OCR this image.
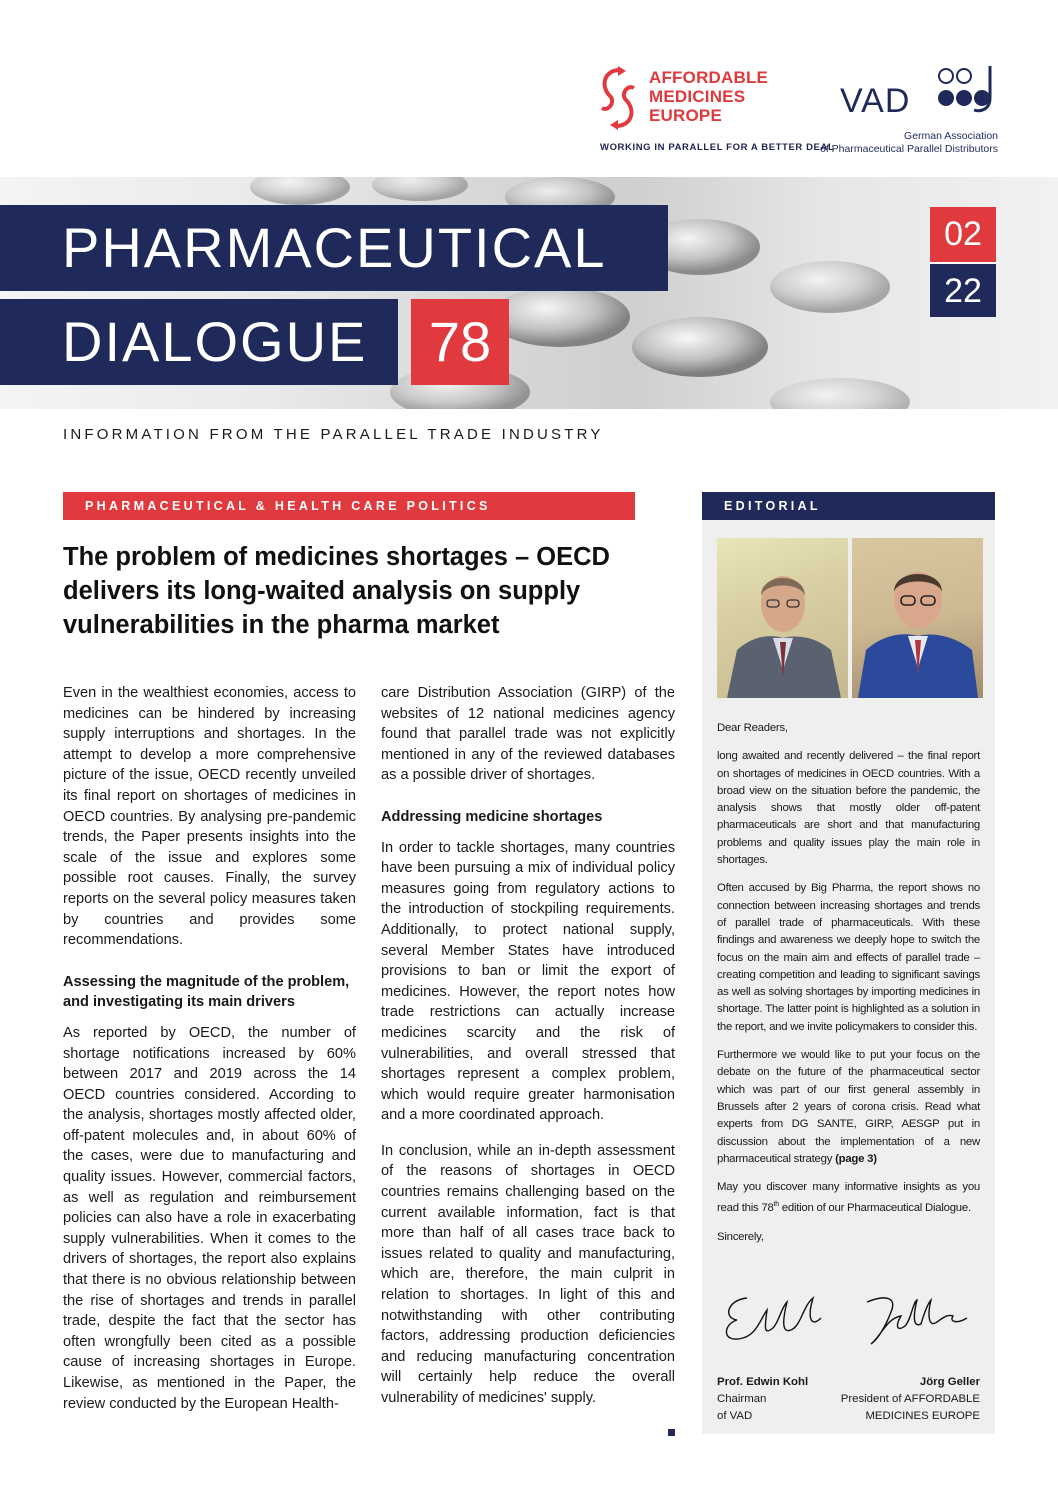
AFFORDABLE
MEDICINES
EUROPE
WORKING IN PARALLEL FOR A BETTER DEAL
VAD
German Association
of Pharmaceutical Parallel Distributors
PHARMACEUTICAL
DIALOGUE	78
02
22
INFORMATION FROM THE PARALLEL TRADE INDUSTRY
PHARMACEUTICAL & HEALTH CARE POLITICS	EDITORIAL
The problem of medicines shortages – OECD delivers its long-waited analysis on supply vulnerabilities in the pharma market

Even in the wealthiest economies, access to medicines can be hindered by increasing supply interruptions and shortages. In the attempt to develop a more comprehensive picture of the issue, OECD recently unveiled its final report on shortages of medicines in OECD countries. By analysing pre-pandemic trends, the Paper presents insights into the scale of the issue and explores some possible root causes. Finally, the survey reports on the several policy measures taken by countries and provides some recommendations.

Assessing the magnitude of the problem, and investigating its main drivers

As reported by OECD, the number of shortage notifications increased by 60% between 2017 and 2019 across the 14 OECD countries considered. According to the analysis, shortages mostly affected older, off-patent molecules and, in about 60% of the cases, were due to manufacturing and quality issues. However, commercial factors, as well as regulation and reimbursement policies can also have a role in exacerbating supply vulnerabilities. When it comes to the drivers of shortages, the report also explains that there is no obvious relationship between the rise of shortages and trends in parallel trade, despite the fact that the sector has often wrongfully been cited as a possible cause of increasing shortages in Europe. Likewise, as mentioned in the Paper, the review conducted by the European Health-

care Distribution Association (GIRP) of the websites of 12 national medicines agency found that parallel trade was not explicitly mentioned in any of the reviewed databases as a possible driver of shortages.

Addressing medicine shortages

In order to tackle shortages, many countries have been pursuing a mix of individual policy measures going from regulatory actions to the introduction of stockpiling requirements. Additionally, to protect national supply, several Member States have introduced provisions to ban or limit the export of medicines. However, the report notes how trade restrictions can actually increase medicines scarcity and the risk of vulnerabilities, and overall stressed that shortages represent a complex problem, which would require greater harmonisation and a more coordinated approach.

In conclusion, while an in-depth assessment of the reasons of shortages in OECD countries remains challenging based on the current available information, fact is that more than half of all cases trace back to issues related to quality and manufacturing, which are, therefore, the main culprit in relation to shortages. In light of this and notwithstanding with other contributing factors, addressing production deficiencies and reducing manufacturing concentration will certainly help reduce the overall vulnerability of medicines' supply.

Dear Readers,

long awaited and recently delivered – the final report on shortages of medicines in OECD countries. With a broad view on the situation before the pandemic, the analysis shows that mostly older off-patent pharmaceuticals are short and that manufacturing problems and quality issues play the main role in shortages.

Often accused by Big Pharma, the report shows no connection between increasing shortages and trends of parallel trade of pharmaceuticals. With these findings and awareness we deeply hope to switch the focus on the main aim and effects of parallel trade – creating competition and leading to significant savings as well as solving shortages by importing medicines in shortage. The latter point is highlighted as a solution in the report, and we invite policymakers to consider this.

Furthermore we would like to put your focus on the debate on the future of the pharmaceutical sector which was part of our first general assembly in Brussels after 2 years of corona crisis. Read what experts from DG SANTE, GIRP, AESGP put in discussion about the implementation of a new pharmaceutical strategy (page 3)

May you discover many informative insights as you read this 78th edition of our Pharmaceutical Dialogue.

Sincerely,

Prof. Edwin Kohl
Chairman
of VAD
Jörg Geller
President of AFFORDABLE
MEDICINES EUROPE
